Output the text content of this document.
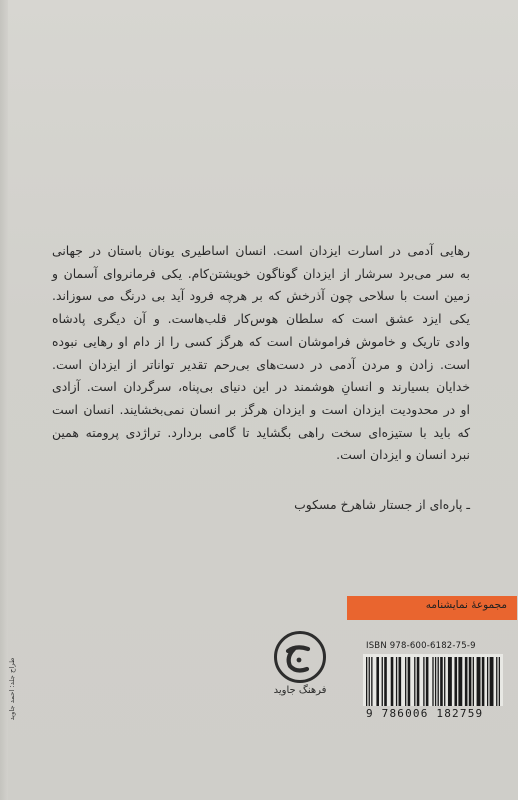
رهایی آدمی در اسارت ایزدان است. انسان اساطیری یونان باستان در جهانی
به سر می‌برد سرشار از ایزدان گوناگون خویشتن‌کام. یکی فرمانروای آسمان و
زمین است با سلاحی چون آذرخش که بر هرچه فرود آید بی درنگ می سوزاند.
یکی ایزد عشق است که سلطان هوس‌کار قلب‌هاست. و آن دیگری پادشاه
وادی تاریک و خاموش فراموشان است که هرگز کسی را از دام او رهایی نبوده
است. زادن و مردن آدمی در دست‌های بی‌رحم تقدیر تواناتر از ایزدان است.
خدایان بسیارند و انسانِ هوشمند در این دنیای بی‌پناه، سرگردان است. آزادی
او در محدودیت ایزدان است و ایزدان هرگز بر انسان نمی‌بخشایند. انسان است
که باید با ستیزه‌ای سخت راهی بگشاید تا گامی بردارد. تراژدی پرومته همین
نبرد انسان و ایزدان است.
ـ پاره‌ای از جستار شاهرخ مسکوب
مجموعهٔ نمایشنامه
طراح جلد: احمد جاوید	فرهنگ جاوید
ISBN 978-600-6182-75-9
9 786006 182759
